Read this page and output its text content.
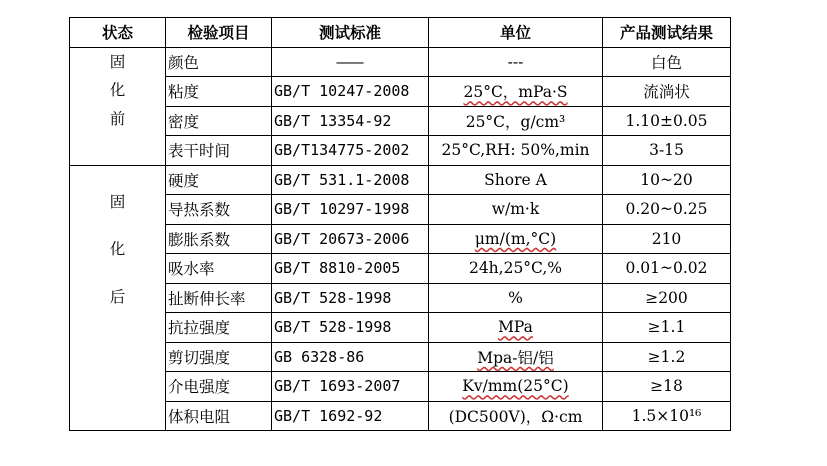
状态	检验项目	测试标准	单位	产品测试结果

固
化
前	颜色	———	---	白色
	粘度	GB/T 10247-2008	25°C，mPa·S	流淌状
	密度	GB/T 13354-92	25°C，g/cm³	1.10±0.05
	表干时间	GB/T134775-2002	25°C,RH: 50%,min	3-15

固
化
后	硬度	GB/T 531.1-2008	Shore A	10~20
	导热系数	GB/T 10297-1998	w/m·k	0.20~0.25
	膨胀系数	GB/T 20673-2006	μm/(m,°C)	210
	吸水率	GB/T 8810-2005	24h,25°C,%	0.01~0.02
	扯断伸长率	GB/T 528-1998	%	≥200
	抗拉强度	GB/T 528-1998	MPa	≥1.1
	剪切强度	GB 6328-86	Mpa-铝/铝	≥1.2
	介电强度	GB/T 1693-2007	Kv/mm(25°C)	≥18
	体积电阻	GB/T 1692-92	(DC500V)，Ω·cm	1.5×10¹⁶
